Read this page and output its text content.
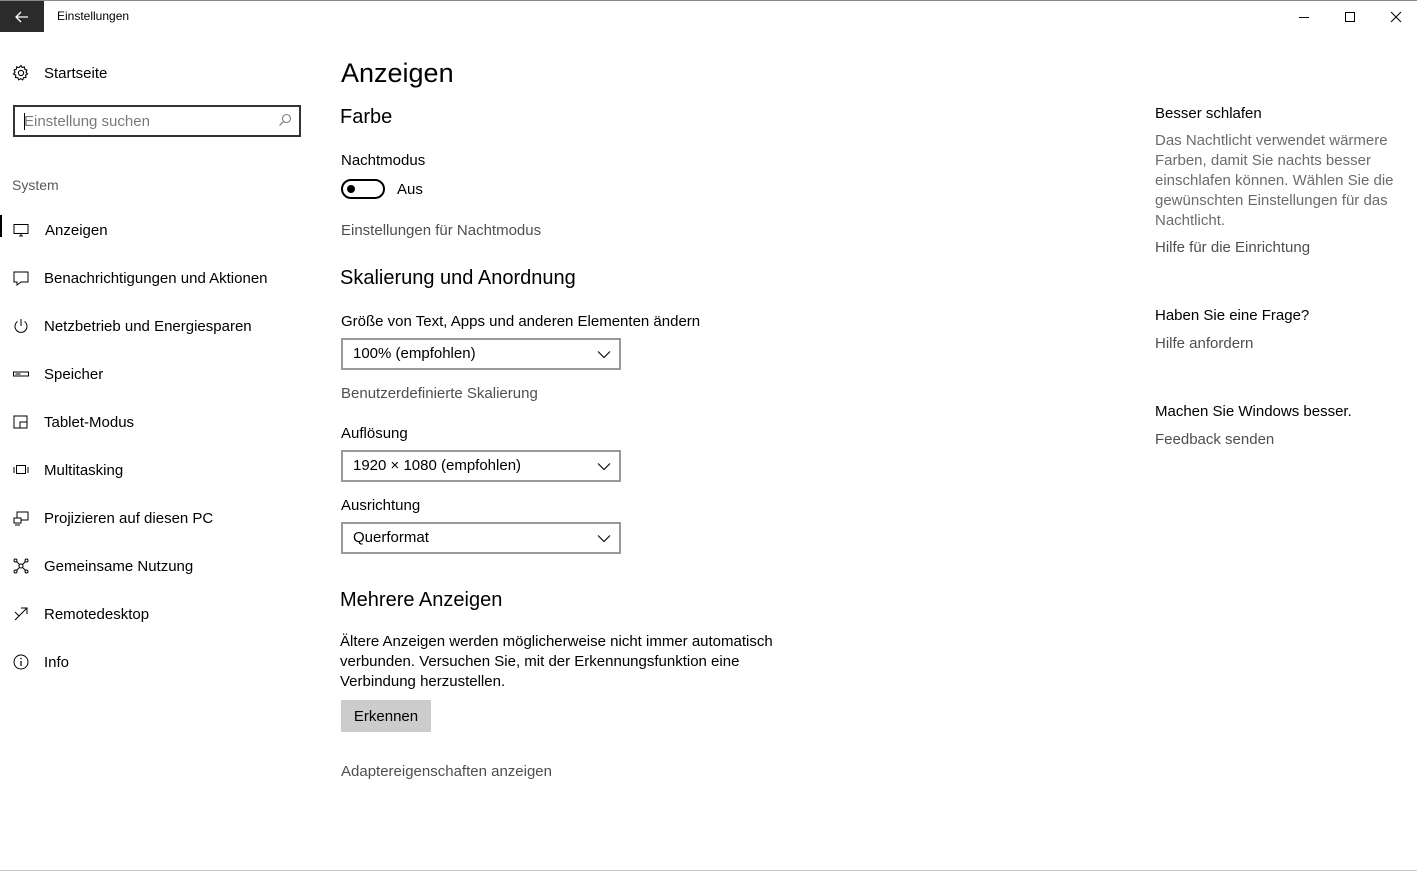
Einstellungen
Startseite
Einstellung suchen
System
Anzeigen
Benachrichtigungen und Aktionen
Netzbetrieb und Energiesparen
Speicher
Tablet-Modus
Multitasking
Projizieren auf diesen PC
Gemeinsame Nutzung
Remotedesktop
Info
Anzeigen
Farbe
Nachtmodus
Aus
Einstellungen für Nachtmodus
Skalierung und Anordnung
Größe von Text, Apps und anderen Elementen ändern
100% (empfohlen)
Benutzerdefinierte Skalierung
Auflösung
1920 × 1080 (empfohlen)
Ausrichtung
Querformat
Mehrere Anzeigen

Ältere Anzeigen werden möglicherweise nicht immer automatisch verbunden. Versuchen Sie, mit der Erkennungsfunktion eine Verbindung herzustellen.

Erkennen
Adaptereigenschaften anzeigen
Besser schlafen

Das Nachtlicht verwendet wärmere Farben, damit Sie nachts besser einschlafen können. Wählen Sie die gewünschten Einstellungen für das Nachtlicht.

Hilfe für die Einrichtung
Haben Sie eine Frage?
Hilfe anfordern
Machen Sie Windows besser.
Feedback senden
